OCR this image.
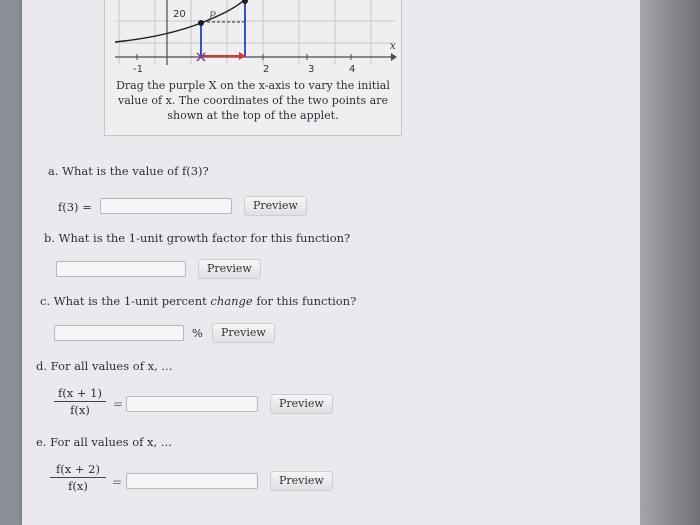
20 P
x
-1	2	3	4
Drag the purple X on the x-axis to vary the initial
value of x. The coordinates of the two points are
shown at the top of the applet.
a. What is the value of f(3)?
f(3) =	Preview
b. What is the 1-unit growth factor for this function?
Preview
c. What is the 1-unit percent change for this function?
%	Preview
d. For all values of x, ...
f(x + 1)
f(x)	=	Preview
e. For all values of x, ...
f(x + 2)
f(x)	=	Preview
